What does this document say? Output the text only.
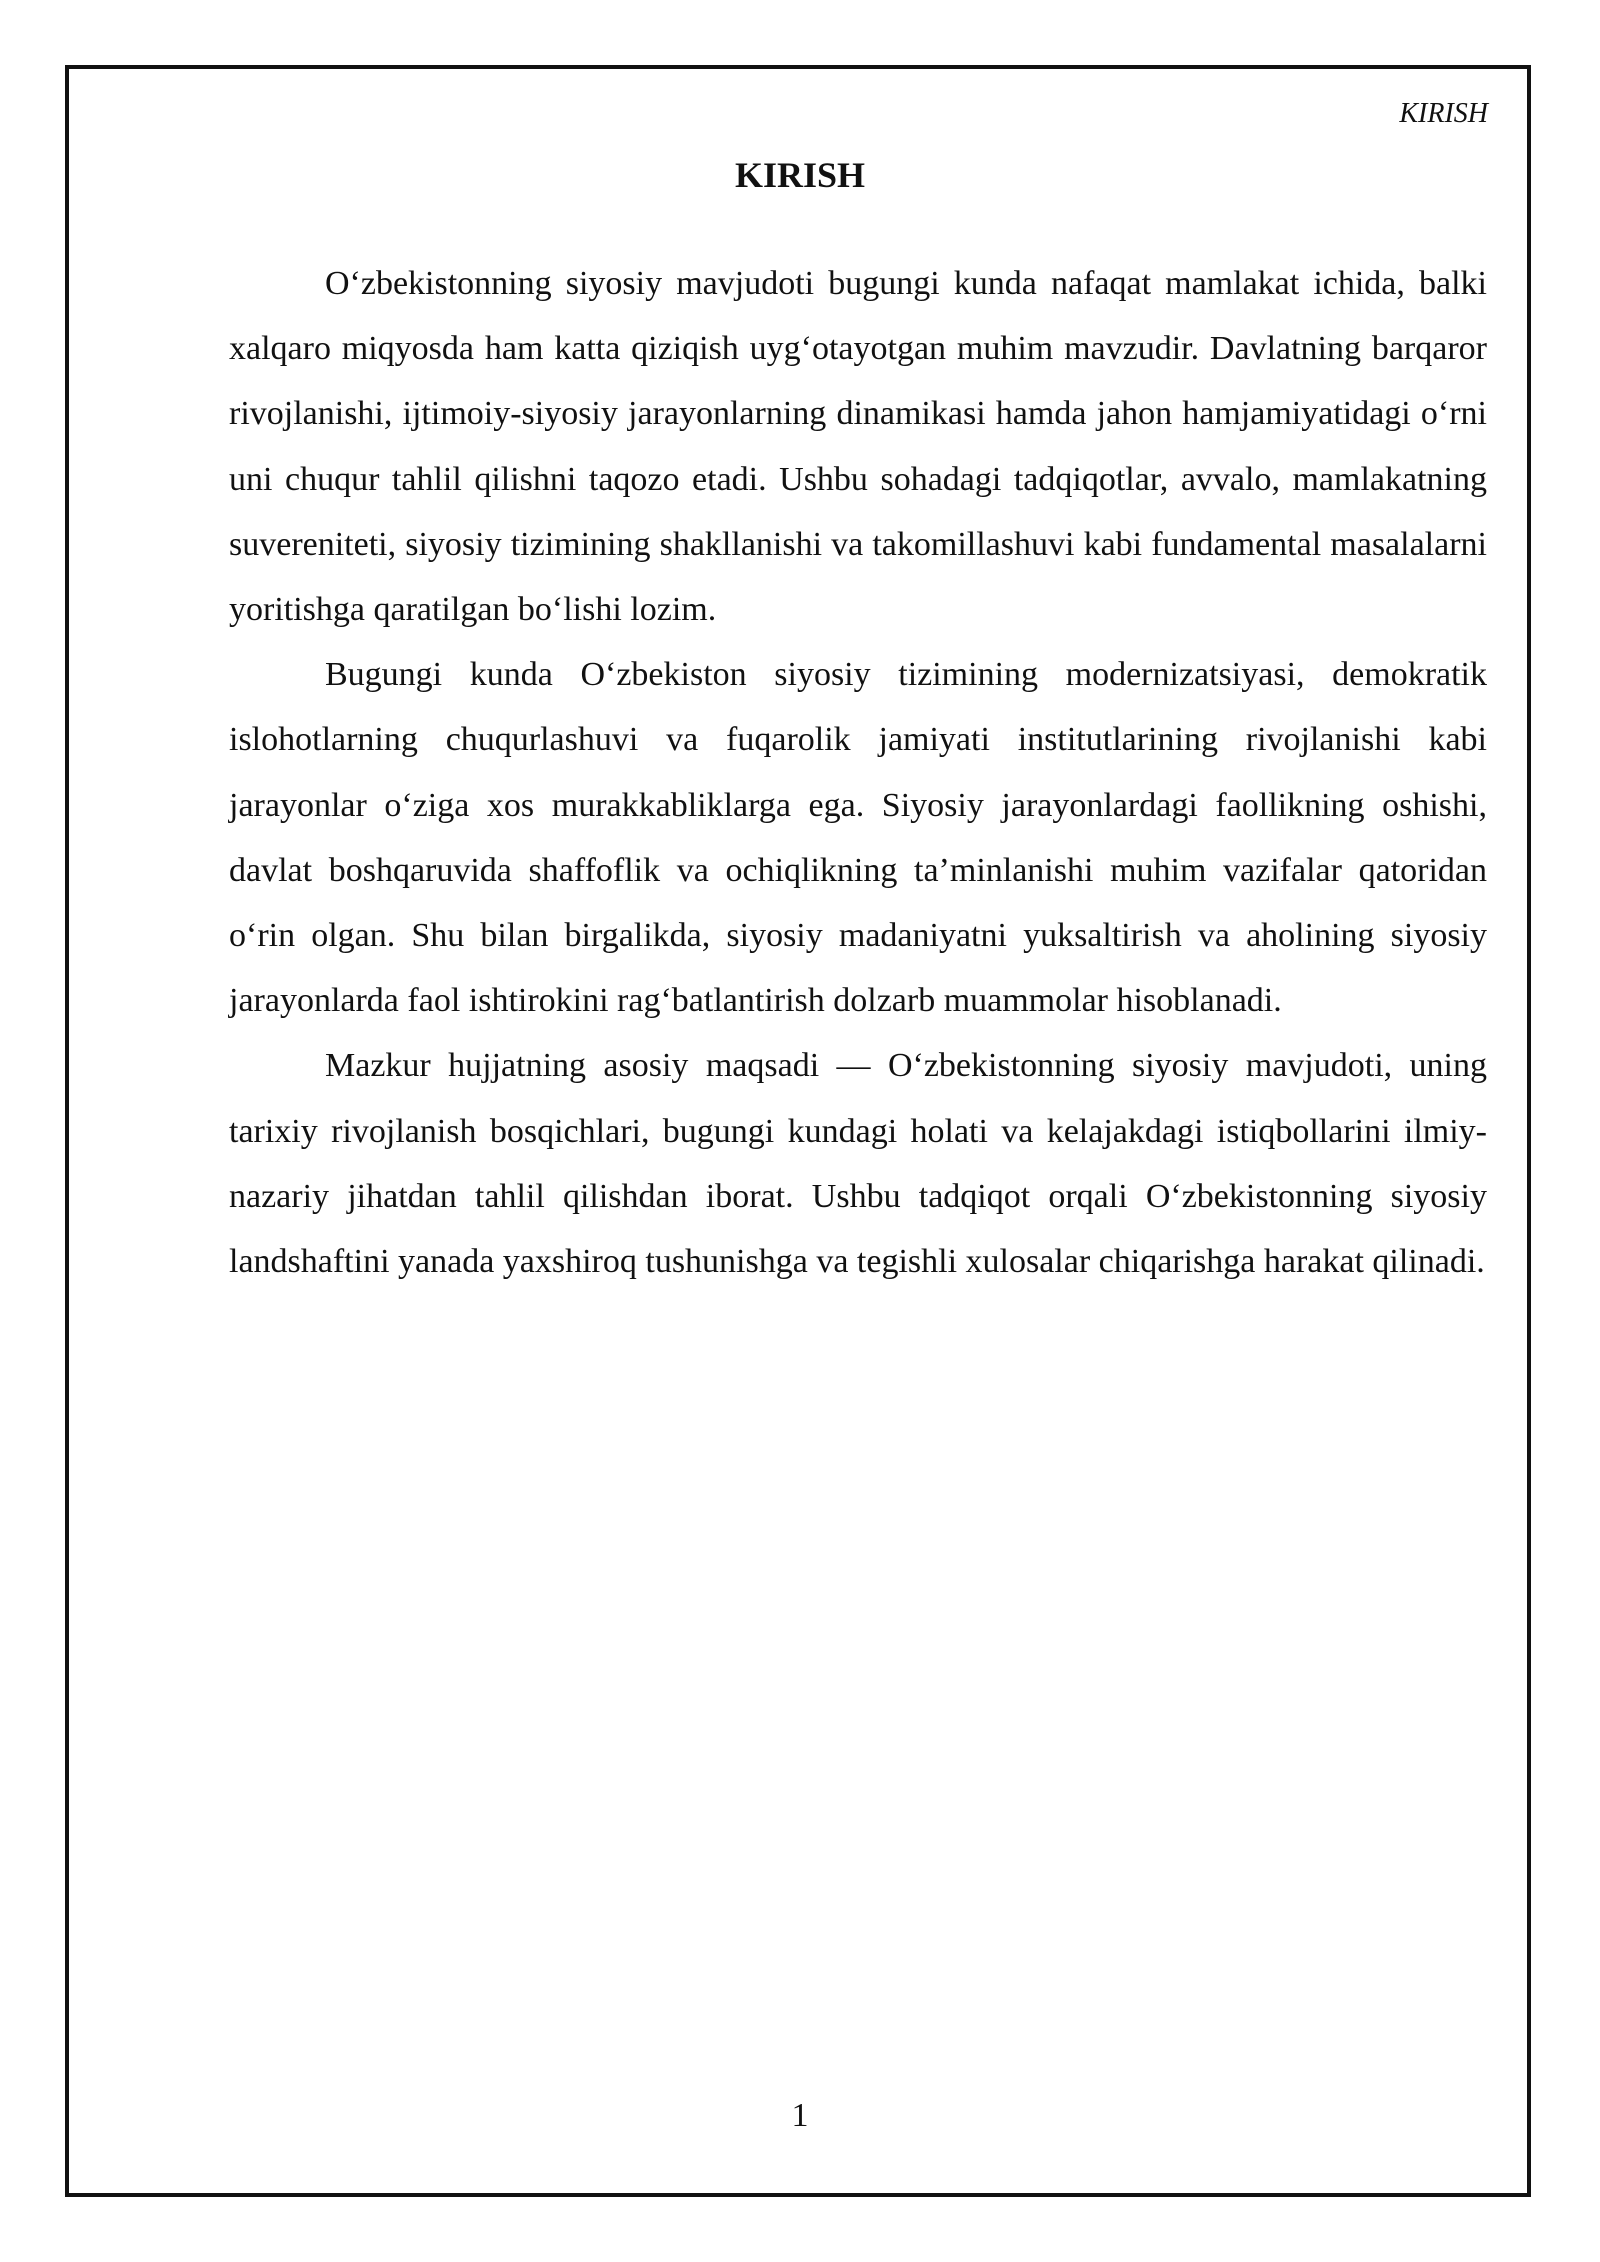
KIRISH
KIRISH

O‘zbekistonning siyosiy mavjudoti bugungi kunda nafaqat mamlakat ichida, balki xalqaro miqyosda ham katta qiziqish uyg‘otayotgan muhim mavzudir. Davlatning barqaror rivojlanishi, ijtimoiy-siyosiy jarayonlarning dinamikasi hamda jahon hamjamiyatidagi o‘rni uni chuqur tahlil qilishni taqozo etadi. Ushbu sohadagi tadqiqotlar, avvalo, mamlakatning suvereniteti, siyosiy tizimining shakllanishi va takomillashuvi kabi fundamental masalalarni yoritishga qaratilgan bo‘lishi lozim.

Bugungi kunda O‘zbekiston siyosiy tizimining modernizatsiyasi, demokratik islohotlarning chuqurlashuvi va fuqarolik jamiyati institutlarining rivojlanishi kabi jarayonlar o‘ziga xos murakkabliklarga ega. Siyosiy jarayonlardagi faollikning oshishi, davlat boshqaruvida shaffoflik va ochiqlikning ta’minlanishi muhim vazifalar qatoridan o‘rin olgan. Shu bilan birgalikda, siyosiy madaniyatni yuksaltirish va aholining siyosiy jarayonlarda faol ishtirokini rag‘batlantirish dolzarb muammolar hisoblanadi.

Mazkur hujjatning asosiy maqsadi — O‘zbekistonning siyosiy mavjudoti, uning tarixiy rivojlanish bosqichlari, bugungi kundagi holati va kelajakdagi istiqbollarini ilmiy-nazariy jihatdan tahlil qilishdan iborat. Ushbu tadqiqot orqali O‘zbekistonning siyosiy landshaftini yanada yaxshiroq tushunishga va tegishli xulosalar chiqarishga harakat qilinadi.

1
